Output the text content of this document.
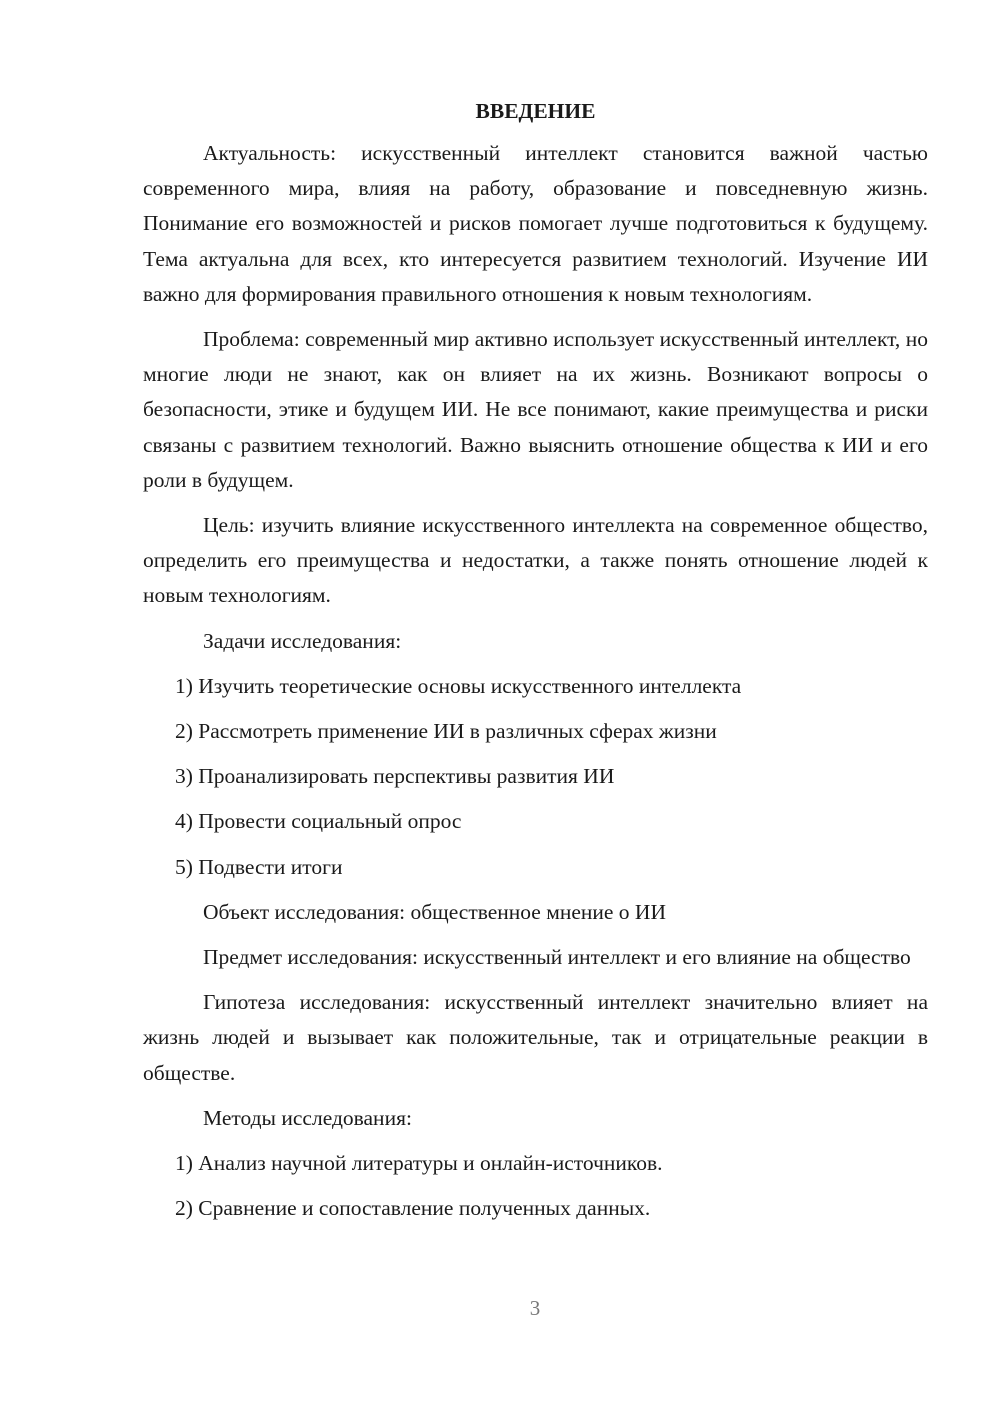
ВВЕДЕНИЕ

Актуальность: искусственный интеллект становится важной частью современного мира, влияя на работу, образование и повседневную жизнь. Понимание его возможностей и рисков помогает лучше подготовиться к будущему. Тема актуальна для всех, кто интересуется развитием технологий. Изучение ИИ важно для формирования правильного отношения к новым технологиям.

Проблема: современный мир активно использует искусственный интеллект, но многие люди не знают, как он влияет на их жизнь. Возникают вопросы о безопасности, этике и будущем ИИ. Не все понимают, какие преимущества и риски связаны с развитием технологий. Важно выяснить отношение общества к ИИ и его роли в будущем.

Цель: изучить влияние искусственного интеллекта на современное общество, определить его преимущества и недостатки, а также понять отношение людей к новым технологиям.

Задачи исследования:
1) Изучить теоретические основы искусственного интеллекта
2) Рассмотреть применение ИИ в различных сферах жизни
3) Проанализировать перспективы развития ИИ
4) Провести социальный опрос
5) Подвести итоги
Объект исследования: общественное мнение о ИИ

Предмет исследования: искусственный интеллект и его влияние на общество

Гипотеза исследования: искусственный интеллект значительно влияет на жизнь людей и вызывает как положительные, так и отрицательные реакции в обществе.

Методы исследования:
1) Анализ научной литературы и онлайн-источников.
2) Сравнение и сопоставление полученных данных.
3
